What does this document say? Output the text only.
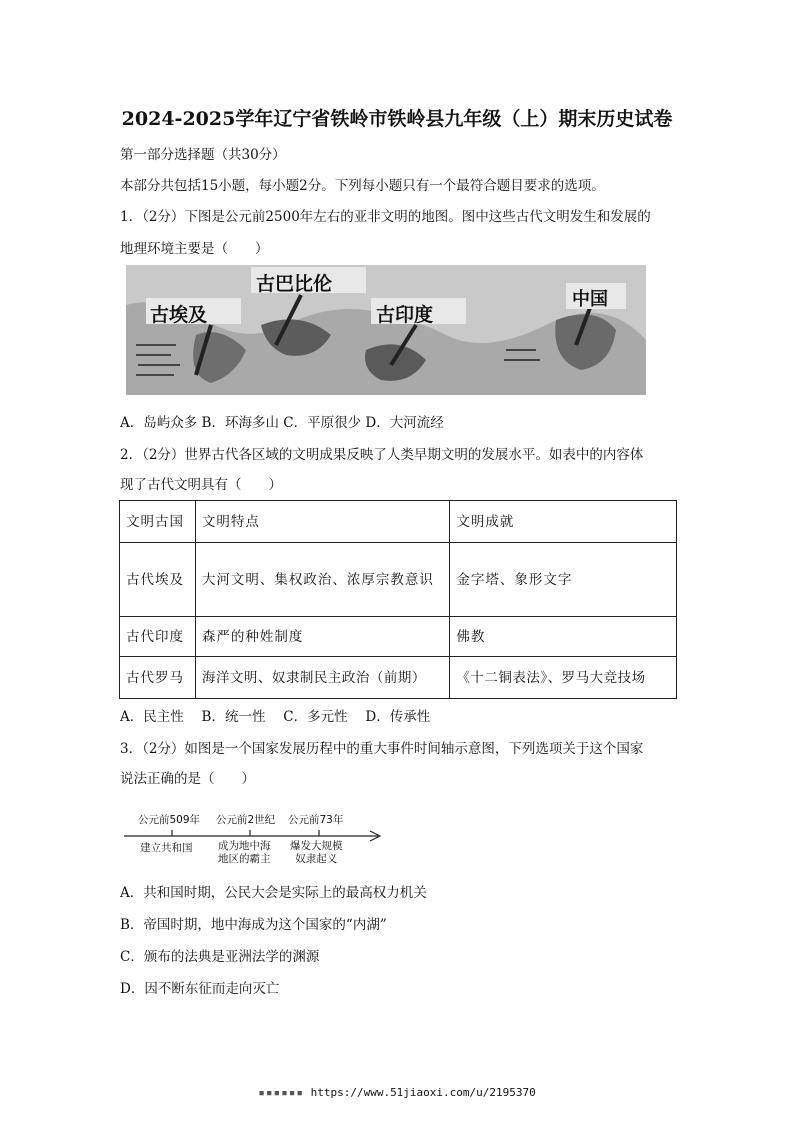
2024-2025学年辽宁省铁岭市铁岭县九年级（上）期末历史试卷
第一部分选择题（共30分）
本部分共包括15小题，每小题2分。下列每小题只有一个最符合题目要求的选项。
1．（2分）下图是公元前2500年左右的亚非文明的地图。图中这些古代文明发生和发展的
地理环境主要是（　　）
古埃及
古巴比伦
古印度
中国
A．岛屿众多 B．环海多山 C．平原很少 D．大河流经
2．（2分）世界古代各区域的文明成果反映了人类早期文明的发展水平。如表中的内容体
现了古代文明具有（　　）
文明古国	文明特点	文明成就
古代埃及	大河文明、集权政治、浓厚宗教意识	金字塔、象形文字
古代印度	森严的种姓制度	佛教
古代罗马	海洋文明、奴隶制民主政治（前期）	《十二铜表法》、罗马大竞技场
A．民主性　 B．统一性　 C．多元性　 D．传承性
3．（2分）如图是一个国家发展历程中的重大事件时间轴示意图，下列选项关于这个国家
说法正确的是（　　）
公元前509年 公元前2世纪 公元前73年
建立共和国 成为地中海
地区的霸主
爆发大规模
奴隶起义
A．共和国时期，公民大会是实际上的最高权力机关
B．帝国时期，地中海成为这个国家的“内湖”
C．颁布的法典是亚洲法学的渊源
D．因不断东征而走向灭亡
▪▪▪▪▪▪ https://www.51jiaoxi.com/u/2195370
